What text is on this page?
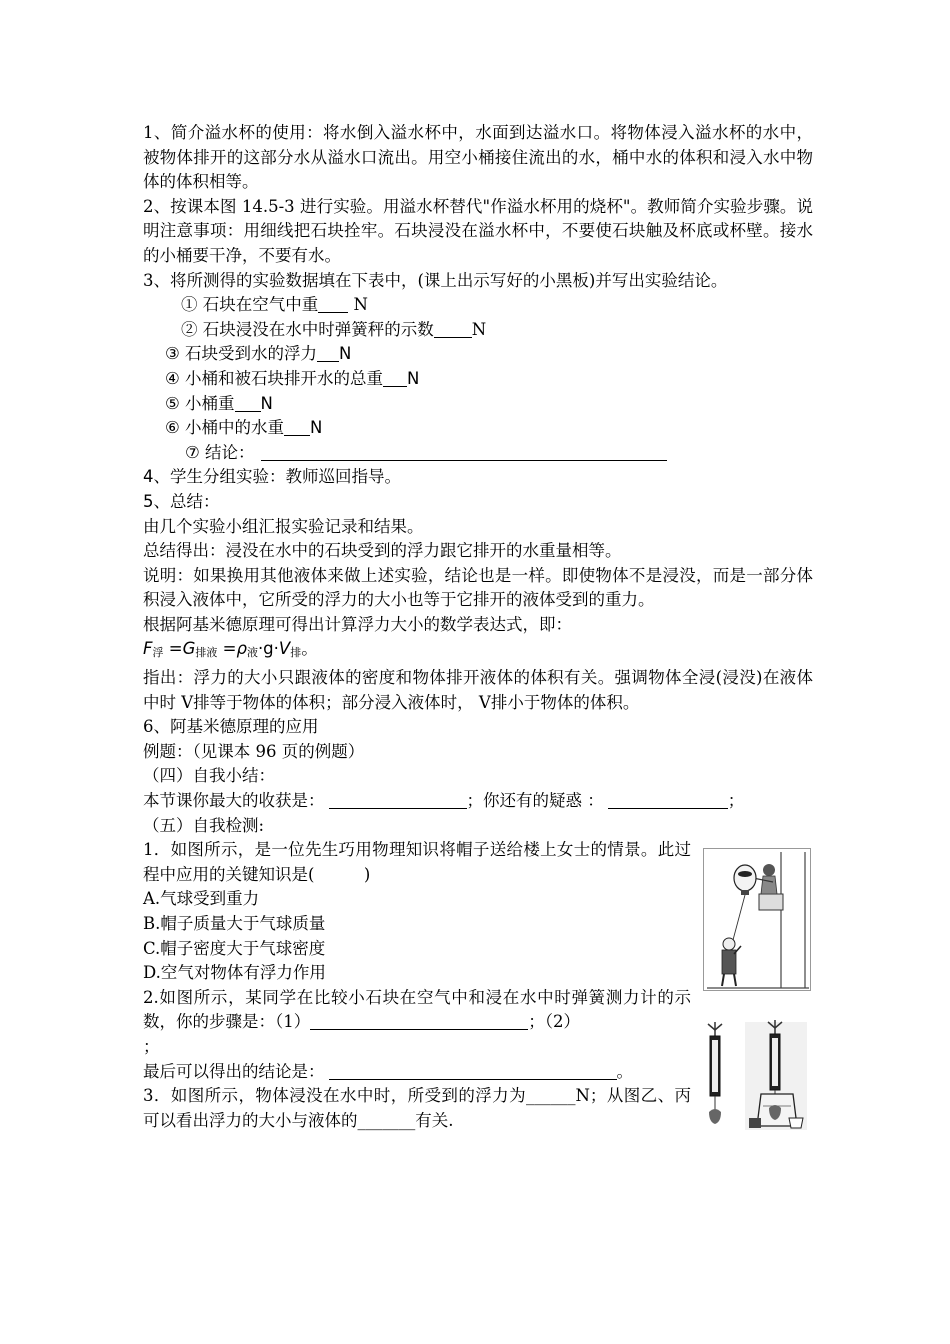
1、简介溢水杯的使用：将水倒入溢水杯中，水面到达溢水口。将物体浸入溢水杯的水中，被物体排开的这部分水从溢水口流出。用空小桶接住流出的水，桶中水的体积和浸入水中物体的体积相等。

2、按课本图 14.5-3 进行实验。用溢水杯替代"作溢水杯用的烧杯"。教师简介实验步骤。说明注意事项：用细线把石块拴牢。石块浸没在溢水杯中，不要使石块触及杯底或杯壁。接水的小桶要干净，不要有水。

3、将所测得的实验数据填在下表中，(课上出示写好的小黑板)并写出实验结论。

① 石块在空气中重 N

② 石块浸没在水中时弹簧秤的示数 N

③ 石块受到水的浮力 N

④ 小桶和被石块排开水的总重 N

⑤ 小桶重 N

⑥ 小桶中的水重 N

⑦ 结论：

4、学生分组实验：教师巡回指导。

5、总结：

由几个实验小组汇报实验记录和结果。

总结得出：浸没在水中的石块受到的浮力跟它排开的水重量相等。

说明：如果换用其他液体来做上述实验，结论也是一样。即使物体不是浸没，而是一部分体积浸入液体中，它所受的浮力的大小也等于它排开的液体受到的重力。

根据阿基米德原理可得出计算浮力大小的数学表达式，即：

$F_浮 =G_{排液} =\rho_液\cdot g\cdot V_排$。

指出：浮力的大小只跟液体的密度和物体排开液体的体积有关。强调物体全浸(浸没)在液体中时 V排等于物体的体积；部分浸入液体时， V排小于物体的体积。

6、阿基米德原理的应用

例题：（见课本 96 页的例题）

（四）自我小结：

本节课你最大的收获是：	；你还有的疑惑 ：	；

（五）自我检测:

1．如图所示，是一位先生巧用物理知识将帽子送给楼上女士的情景。此过程中应用的关键知识是(　　　)

A.气球受到重力

B.帽子质量大于气球质量

C.帽子密度大于气球密度

D.空气对物体有浮力作用

2.如图所示，某同学在比较小石块在空气中和浸在水中时弹簧测力计的示数，你的步骤是：（1）	；（2）

；

最后可以得出的结论是：	。

3．如图所示，物体浸没在水中时，所受到的浮力为______N；从图乙、丙可以看出浮力的大小与液体的_______有关.
